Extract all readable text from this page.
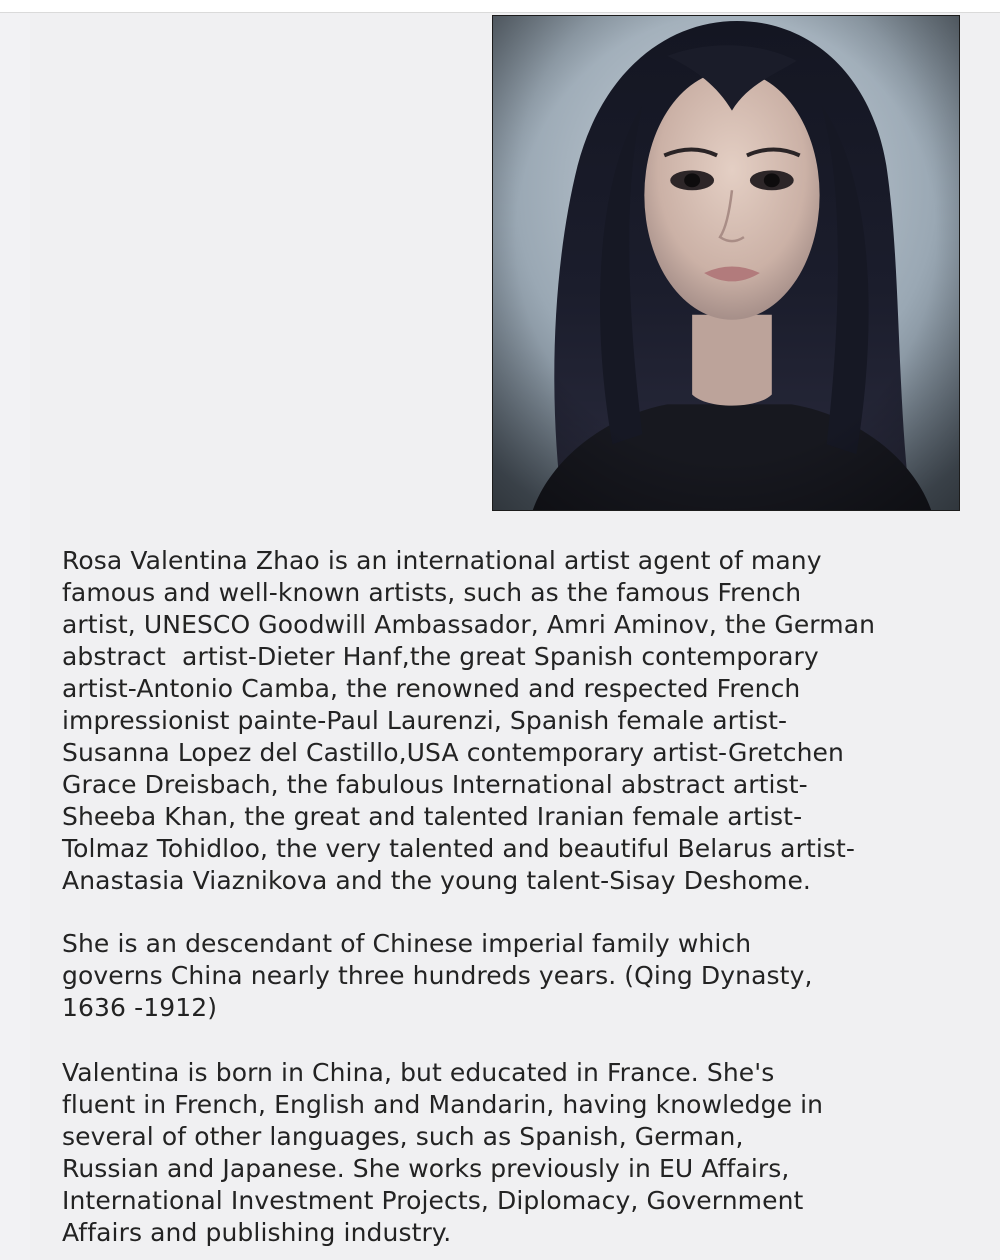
Rosa Valentina Zhao is an international artist agent of many
famous and well-known artists, such as the famous French
artist, UNESCO Goodwill Ambassador, Amri Aminov, the German
abstract  artist-Dieter Hanf,the great Spanish contemporary
artist-Antonio Camba, the renowned and respected French
impressionist painte-Paul Laurenzi, Spanish female artist-
Susanna Lopez del Castillo,USA contemporary artist-Gretchen
Grace Dreisbach, the fabulous International abstract artist-
Sheeba Khan, the great and talented Iranian female artist-
Tolmaz Tohidloo, the very talented and beautiful Belarus artist-
Anastasia Viaznikova and the young talent-Sisay Deshome.

She is an descendant of Chinese imperial family which
governs China nearly three hundreds years. (Qing Dynasty,
1636 -1912)

Valentina is born in China, but educated in France. She's
fluent in French, English and Mandarin, having knowledge in
several of other languages, such as Spanish, German,
Russian and Japanese. She works previously in EU Affairs,
International Investment Projects, Diplomacy, Government
Affairs and publishing industry.
